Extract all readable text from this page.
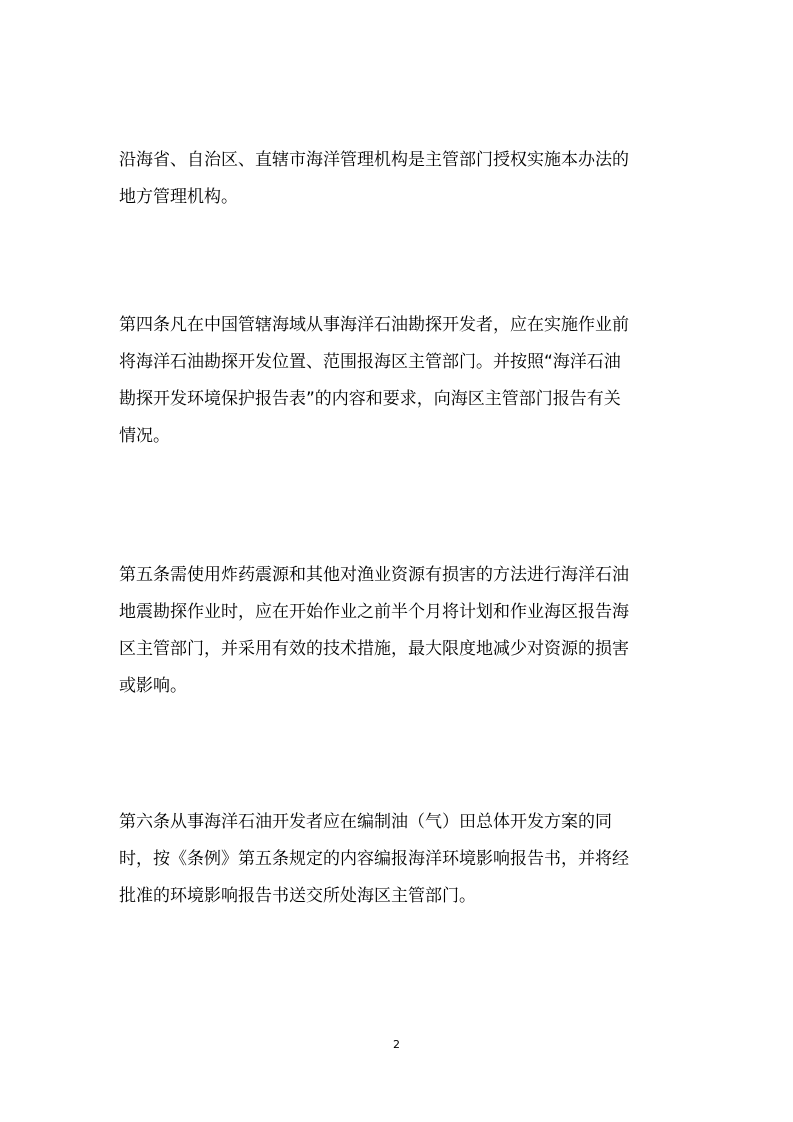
沿海省、自治区、直辖市海洋管理机构是主管部门授权实施本办法的
地方管理机构。
第四条凡在中国管辖海域从事海洋石油勘探开发者，应在实施作业前
将海洋石油勘探开发位置、范围报海区主管部门。并按照“海洋石油
勘探开发环境保护报告表”的内容和要求，向海区主管部门报告有关
情况。
第五条需使用炸药震源和其他对渔业资源有损害的方法进行海洋石油
地震勘探作业时，应在开始作业之前半个月将计划和作业海区报告海
区主管部门，并采用有效的技术措施，最大限度地减少对资源的损害
或影响。
第六条从事海洋石油开发者应在编制油（气）田总体开发方案的同
时，按《条例》第五条规定的内容编报海洋环境影响报告书，并将经
批准的环境影响报告书送交所处海区主管部门。
2
